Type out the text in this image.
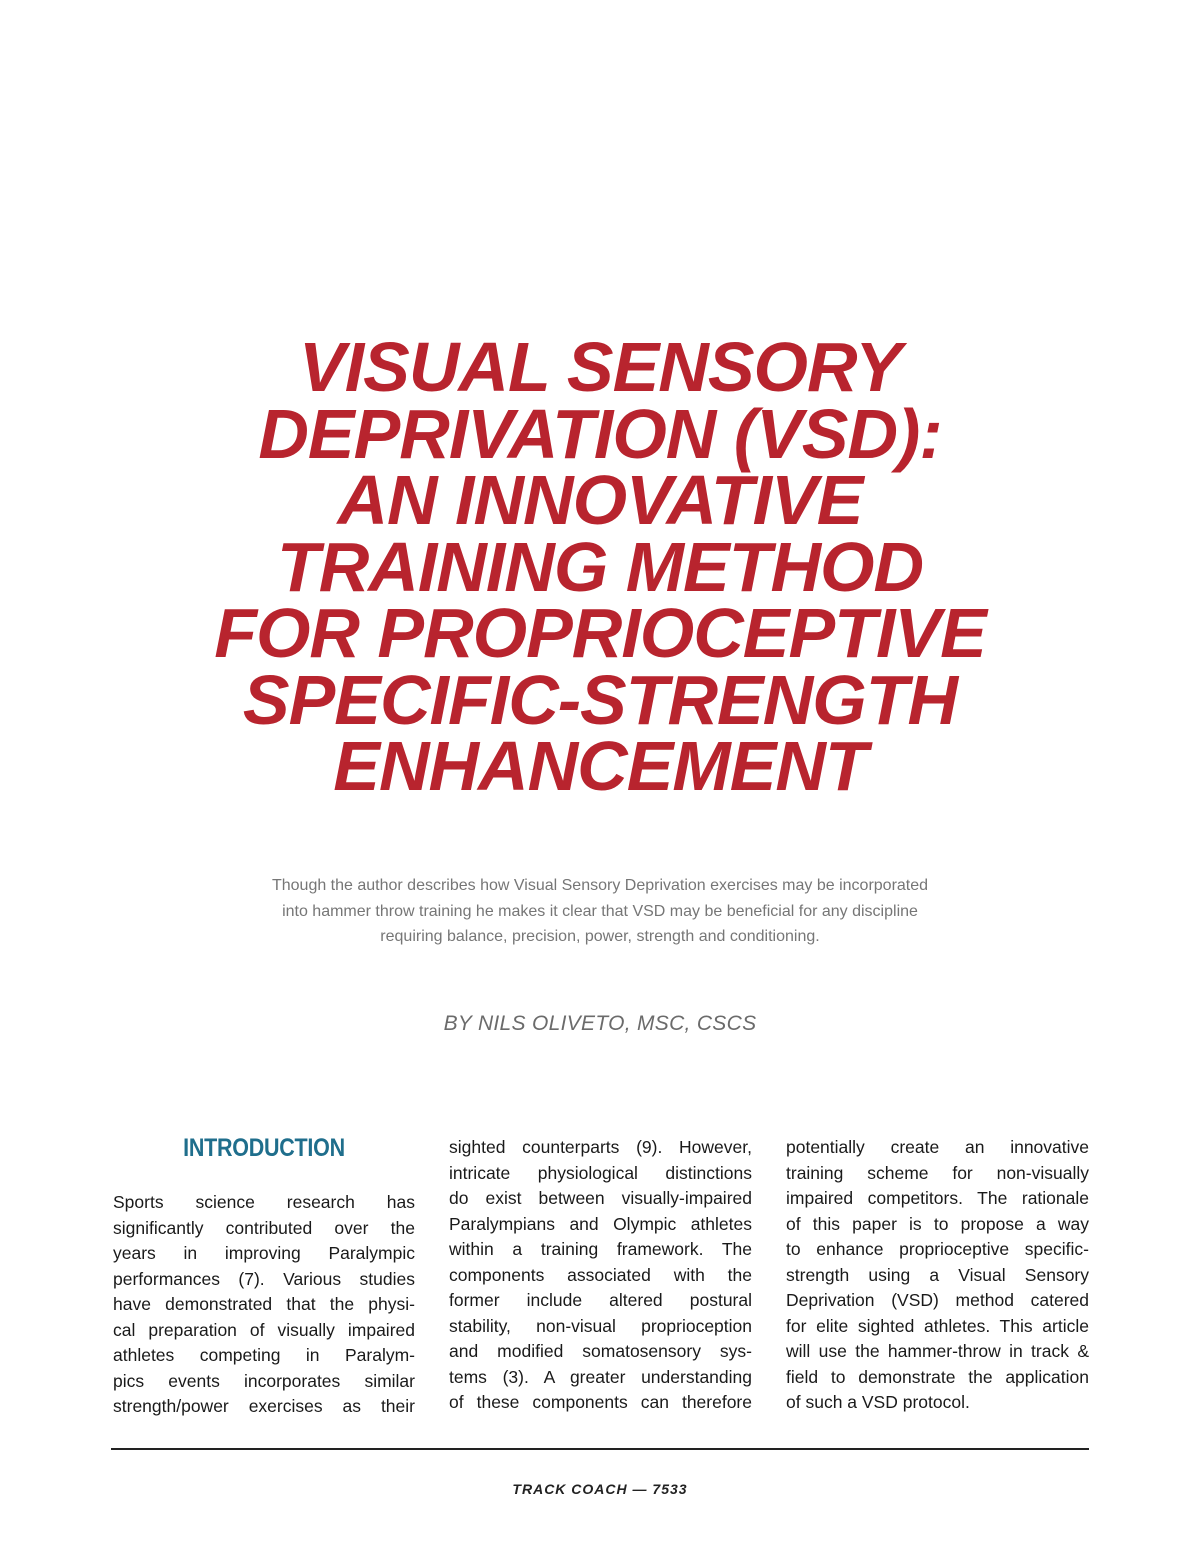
VISUAL SENSORY
DEPRIVATION (VSD):
AN INNOVATIVE
TRAINING METHOD
FOR PROPRIOCEPTIVE
SPECIFIC-STRENGTH
ENHANCEMENT
Though the author describes how Visual Sensory Deprivation exercises may be incorporated
into hammer throw training he makes it clear that VSD may be beneficial for any discipline
requiring balance, precision, power, strength and conditioning.
BY NILS OLIVETO, MSC, CSCS
INTRODUCTION
Sports science research has
significantly contributed over the
years in improving Paralympic
performances (7). Various studies
have demonstrated that the physi-
cal preparation of visually impaired
athletes competing in Paralym-
pics events incorporates similar
strength/power exercises as their
sighted counterparts (9). However,
intricate physiological distinctions
do exist between visually-impaired
Paralympians and Olympic athletes
within a training framework. The
components associated with the
former include altered postural
stability, non-visual proprioception
and modified somatosensory sys-
tems (3). A greater understanding
of these components can therefore
potentially create an innovative
training scheme for non-visually
impaired competitors. The rationale
of this paper is to propose a way
to enhance proprioceptive specific-
strength using a Visual Sensory
Deprivation (VSD) method catered
for elite sighted athletes. This article
will use the hammer-throw in track &
field to demonstrate the application
of such a VSD protocol.
TRACK COACH — 7533
